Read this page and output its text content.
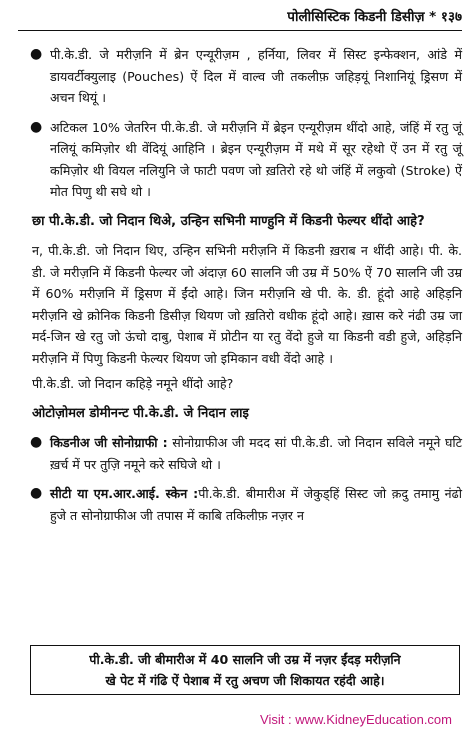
पोलीसिस्टिक किडनी डिसीज़ * १३७
● पी.के.डी. जे मरीज़नि में ब्रेन एन्यूरीज़म , हर्निया, लिवर में सिस्ट इन्फेक्शन, आंडे में डायवर्टीक्युलाइ (Pouches) ऐं दिल में वाल्व जी तकलीफ़ जहिड़यूं निशानियूं ड्रिसण में अचन थियूं ।
● अटिकल 10% जेतरिन पी.के.डी. जे मरीज़नि में ब्रेइन एन्यूरीज़म थींदो आहे, जंहिं में रतु जूं नलियूं कमिज़ोर थी वेंदियूं आहिनि । ब्रेइन एन्यूरीज़म में मथे में सूर रहेथो ऐं उन में रतु जूं कमिज़ोर थी वियल नलियुनि जे फाटी पवण जो ख़तिरो रहे थो जंहिं में लकुवो (Stroke) ऐं मोत पिणु थी सघे थो ।
छा पी.के.डी. जो निदान थिअे, उन्हिन सभिनी माण्हुनि में किडनी फेल्यर थींदो आहे?
न, पी.के.डी. जो निदान थिए, उन्हिन सभिनी मरीज़नि में किडनी ख़राब न थींदी आहे। पी. के. डी. जे मरीज़नि में किडनी फेल्यर जो अंदाज़ 60 सालनि जी उम्र में 50% ऐं 70 सालनि जी उम्र में 60% मरीज़नि में ड्रिसण में ईंदो आहे। जिन मरीज़नि खे पी. के. डी. हूंदो आहे अहिड़नि मरीज़नि खे क्रोनिक किडनी डिसीज़ थियण जो ख़तिरो वधीक हूंदो आहे। ख़ास करे नंढी उम्र जा मर्द-जिन खे रतु जो ऊंचो दाबु, पेशाब में प्रोटीन या रतु वेंदो हुजे या किडनी वडी हुजे, अहिड़नि मरीज़नि में पिणु किडनी फेल्यर थियण जो इमिकान वधी वेंदो आहे ।
पी.के.डी. जो निदान कहिड़े नमूने थींदो आहे?
ओटोज़ोमल डोमीनन्ट पी.के.डी. जे निदान लाइ
● किडनीअ जी सोनोग्राफी : सोनोग्राफीअ जी मदद सां पी.के.डी. जो निदान सविले नमूने घटि ख़र्च में पर तुज़ि नमूने करे सघिजे थो ।
● सीटी या एम.आर.आई. स्केन :पी.के.डी. बीमारीअ में जेकुड्हिं सिस्ट जो क़दु तमामु नंढो हुजे त सोनोग्राफीअ जी तपास में काबि तकिलीफ़ नज़र न
पी.के.डी. जी बीमारीअ में 40 सालनि जी उम्र में नज़र ईंदड़ मरीज़नि
खे पेट में गंढि ऐं पेशाब में रतु अचण जी शिकायत रहंदी आहे।
Visit : www.KidneyEducation.com
